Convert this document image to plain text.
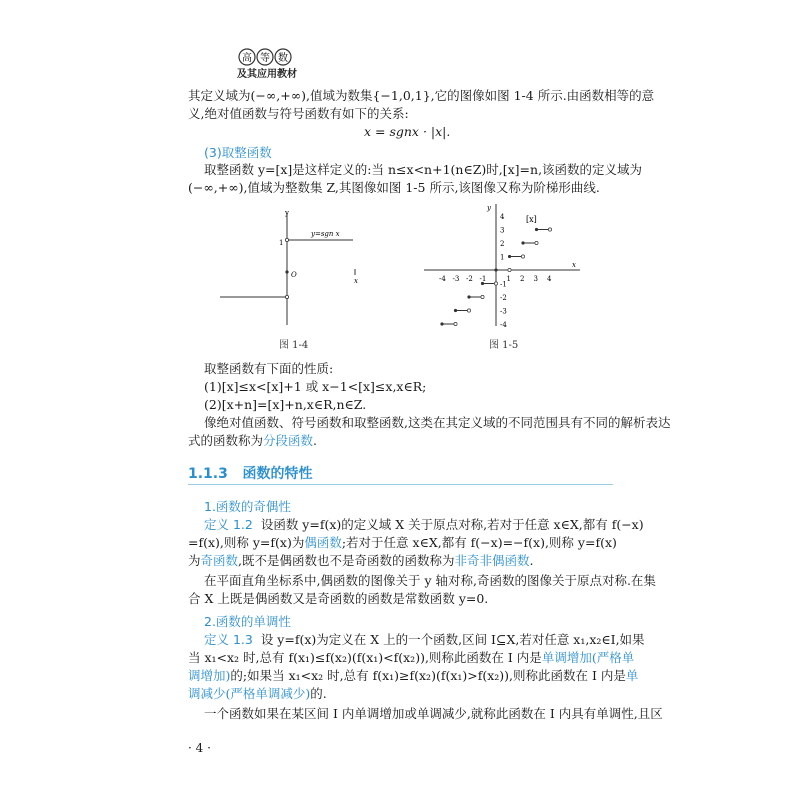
高 等 数
及其应用教材
其定义域为(−∞,+∞),值域为数集{−1,0,1},它的图像如图 1-4 所示.由函数相等的意
义,绝对值函数与符号函数有如下的关系:
x = sgnx · |x|.
(3)取整函数
取整函数 y=[x]是这样定义的:当 n≤x<n+1(n∈Z)时,[x]=n,该函数的定义域为
(−∞,+∞),值域为整数集 Z,其图像如图 1-5 所示,该图像又称为阶梯形曲线.
y
1
O
x
y=sgn x
图 1-4
-4 -3 -2 -1	1 2 3 4
4
3
2
1
-1
-2
-3
-4
x
y
[x]
图 1-5
取整函数有下面的性质:
(1)[x]≤x<[x]+1 或 x−1<[x]≤x,x∈R;
(2)[x+n]=[x]+n,x∈R,n∈Z.
像绝对值函数、符号函数和取整函数,这类在其定义域的不同范围具有不同的解析表达
式的函数称为分段函数.
1.1.3 函数的特性
1.函数的奇偶性
定义 1.2 设函数 y=f(x)的定义域 X 关于原点对称,若对于任意 x∈X,都有 f(−x)
=f(x),则称 y=f(x)为偶函数;若对于任意 x∈X,都有 f(−x)=−f(x),则称 y=f(x)
为奇函数,既不是偶函数也不是奇函数的函数称为非奇非偶函数.
在平面直角坐标系中,偶函数的图像关于 y 轴对称,奇函数的图像关于原点对称.在集
合 X 上既是偶函数又是奇函数的函数是常数函数 y=0.
2.函数的单调性
定义 1.3 设 y=f(x)为定义在 X 上的一个函数,区间 I⊆X,若对任意 x₁,x₂∈I,如果
当 x₁<x₂ 时,总有 f(x₁)≤f(x₂)(f(x₁)<f(x₂)),则称此函数在 I 内是单调增加(严格单
调增加)的;如果当 x₁<x₂ 时,总有 f(x₁)≥f(x₂)(f(x₁)>f(x₂)),则称此函数在 I 内是单
调减少(严格单调减少)的.
一个函数如果在某区间 I 内单调增加或单调减少,就称此函数在 I 内具有单调性,且区
· 4 ·
